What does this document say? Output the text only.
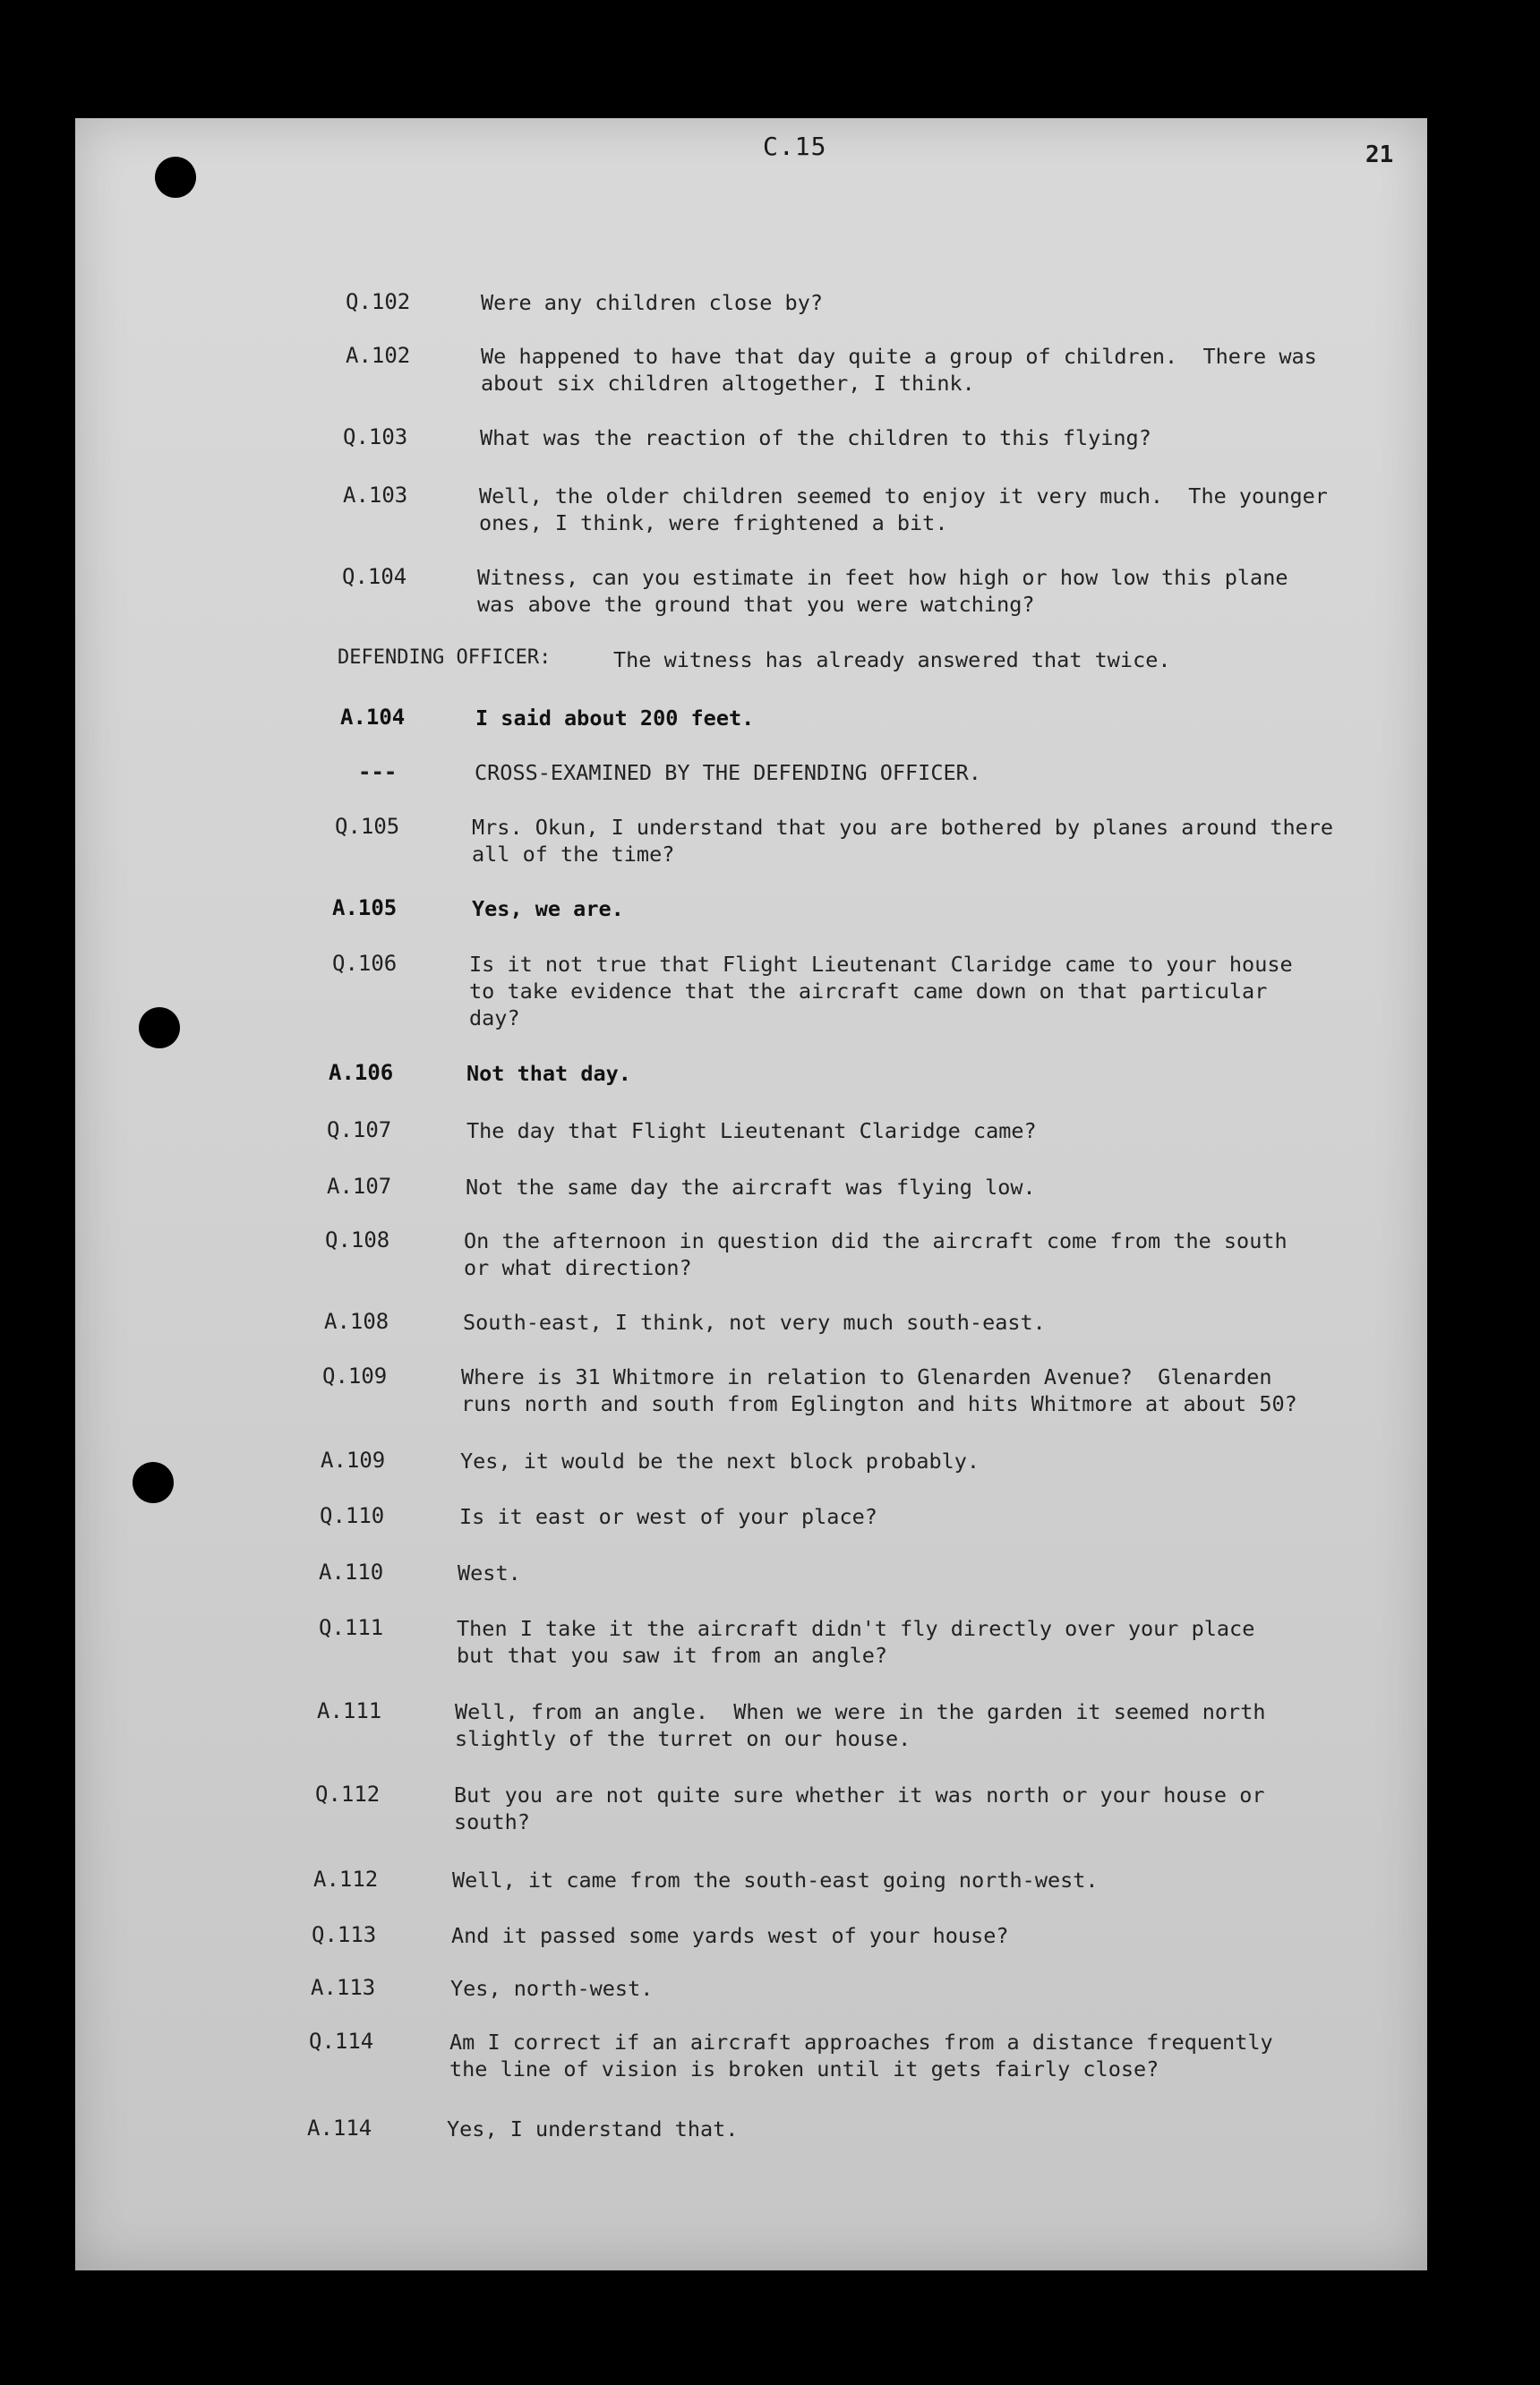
C.15	21
Q.102	Were any children close by?
A.102	We happened to have that day quite a group of children.  There was
about six children altogether, I think.
Q.103	What was the reaction of the children to this flying?
A.103	Well, the older children seemed to enjoy it very much.  The younger
ones, I think, were frightened a bit.
Q.104	Witness, can you estimate in feet how high or how low this plane
was above the ground that you were watching?
DEFENDING OFFICER:	The witness has already answered that twice.
A.104	I said about 200 feet.
---	CROSS-EXAMINED BY THE DEFENDING OFFICER.
Q.105	Mrs. Okun, I understand that you are bothered by planes around there
all of the time?
A.105	Yes, we are.
Q.106	Is it not true that Flight Lieutenant Claridge came to your house
to take evidence that the aircraft came down on that particular
day?
A.106	Not that day.
Q.107	The day that Flight Lieutenant Claridge came?
A.107	Not the same day the aircraft was flying low.
Q.108	On the afternoon in question did the aircraft come from the south
or what direction?
A.108	South-east, I think, not very much south-east.
Q.109	Where is 31 Whitmore in relation to Glenarden Avenue?  Glenarden
runs north and south from Eglington and hits Whitmore at about 50?
A.109	Yes, it would be the next block probably.
Q.110	Is it east or west of your place?
A.110	West.
Q.111	Then I take it the aircraft didn't fly directly over your place
but that you saw it from an angle?
A.111	Well, from an angle.  When we were in the garden it seemed north
slightly of the turret on our house.
Q.112	But you are not quite sure whether it was north or your house or
south?
A.112	Well, it came from the south-east going north-west.
Q.113	And it passed some yards west of your house?
A.113	Yes, north-west.
Q.114	Am I correct if an aircraft approaches from a distance frequently
the line of vision is broken until it gets fairly close?
A.114	Yes, I understand that.
